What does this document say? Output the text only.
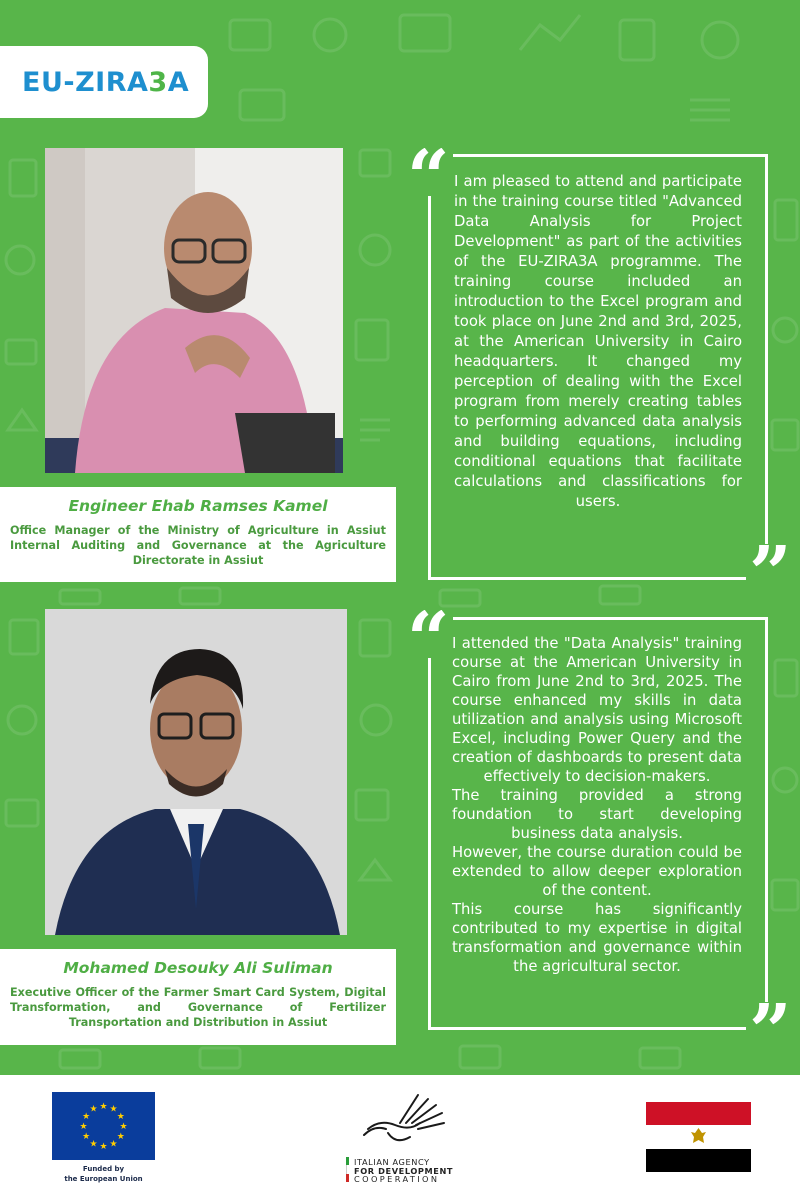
EU-ZIRA3A
Engineer Ehab Ramses Kamel
Office Manager of the Ministry of Agriculture in Assiut Internal Auditing and Governance at the Agriculture Directorate in Assiut
“
”
I am pleased to attend and participate in the training course titled "Advanced Data Analysis for Project Development" as part of the activities of the EU-ZIRA3A programme. The training course included an introduction to the Excel program and took place on June 2nd and 3rd, 2025, at the American University in Cairo headquarters. It changed my perception of dealing with the Excel program from merely creating tables to performing advanced data analysis and building equations, including conditional equations that facilitate calculations and classifications for users.
Mohamed Desouky Ali Suliman
Executive Officer of the Farmer Smart Card System, Digital Transformation, and Governance of Fertilizer Transportation and Distribution in Assiut
“
”

I attended the "Data Analysis" training course at the American University in Cairo from June 2nd to 3rd, 2025. The course enhanced my skills in data utilization and analysis using Microsoft Excel, including Power Query and the creation of dashboards to present data effectively to decision-makers.

The training provided a strong foundation to start developing business data analysis.

However, the course duration could be extended to allow deeper exploration of the content.

This course has significantly contributed to my expertise in digital transformation and governance within the agricultural sector.

★ ★
★
★
★
★
★
★
★
★
★
★
Funded by
the European Union
ITALIAN AGENCY
FOR DEVELOPMENT
COOPERATION
